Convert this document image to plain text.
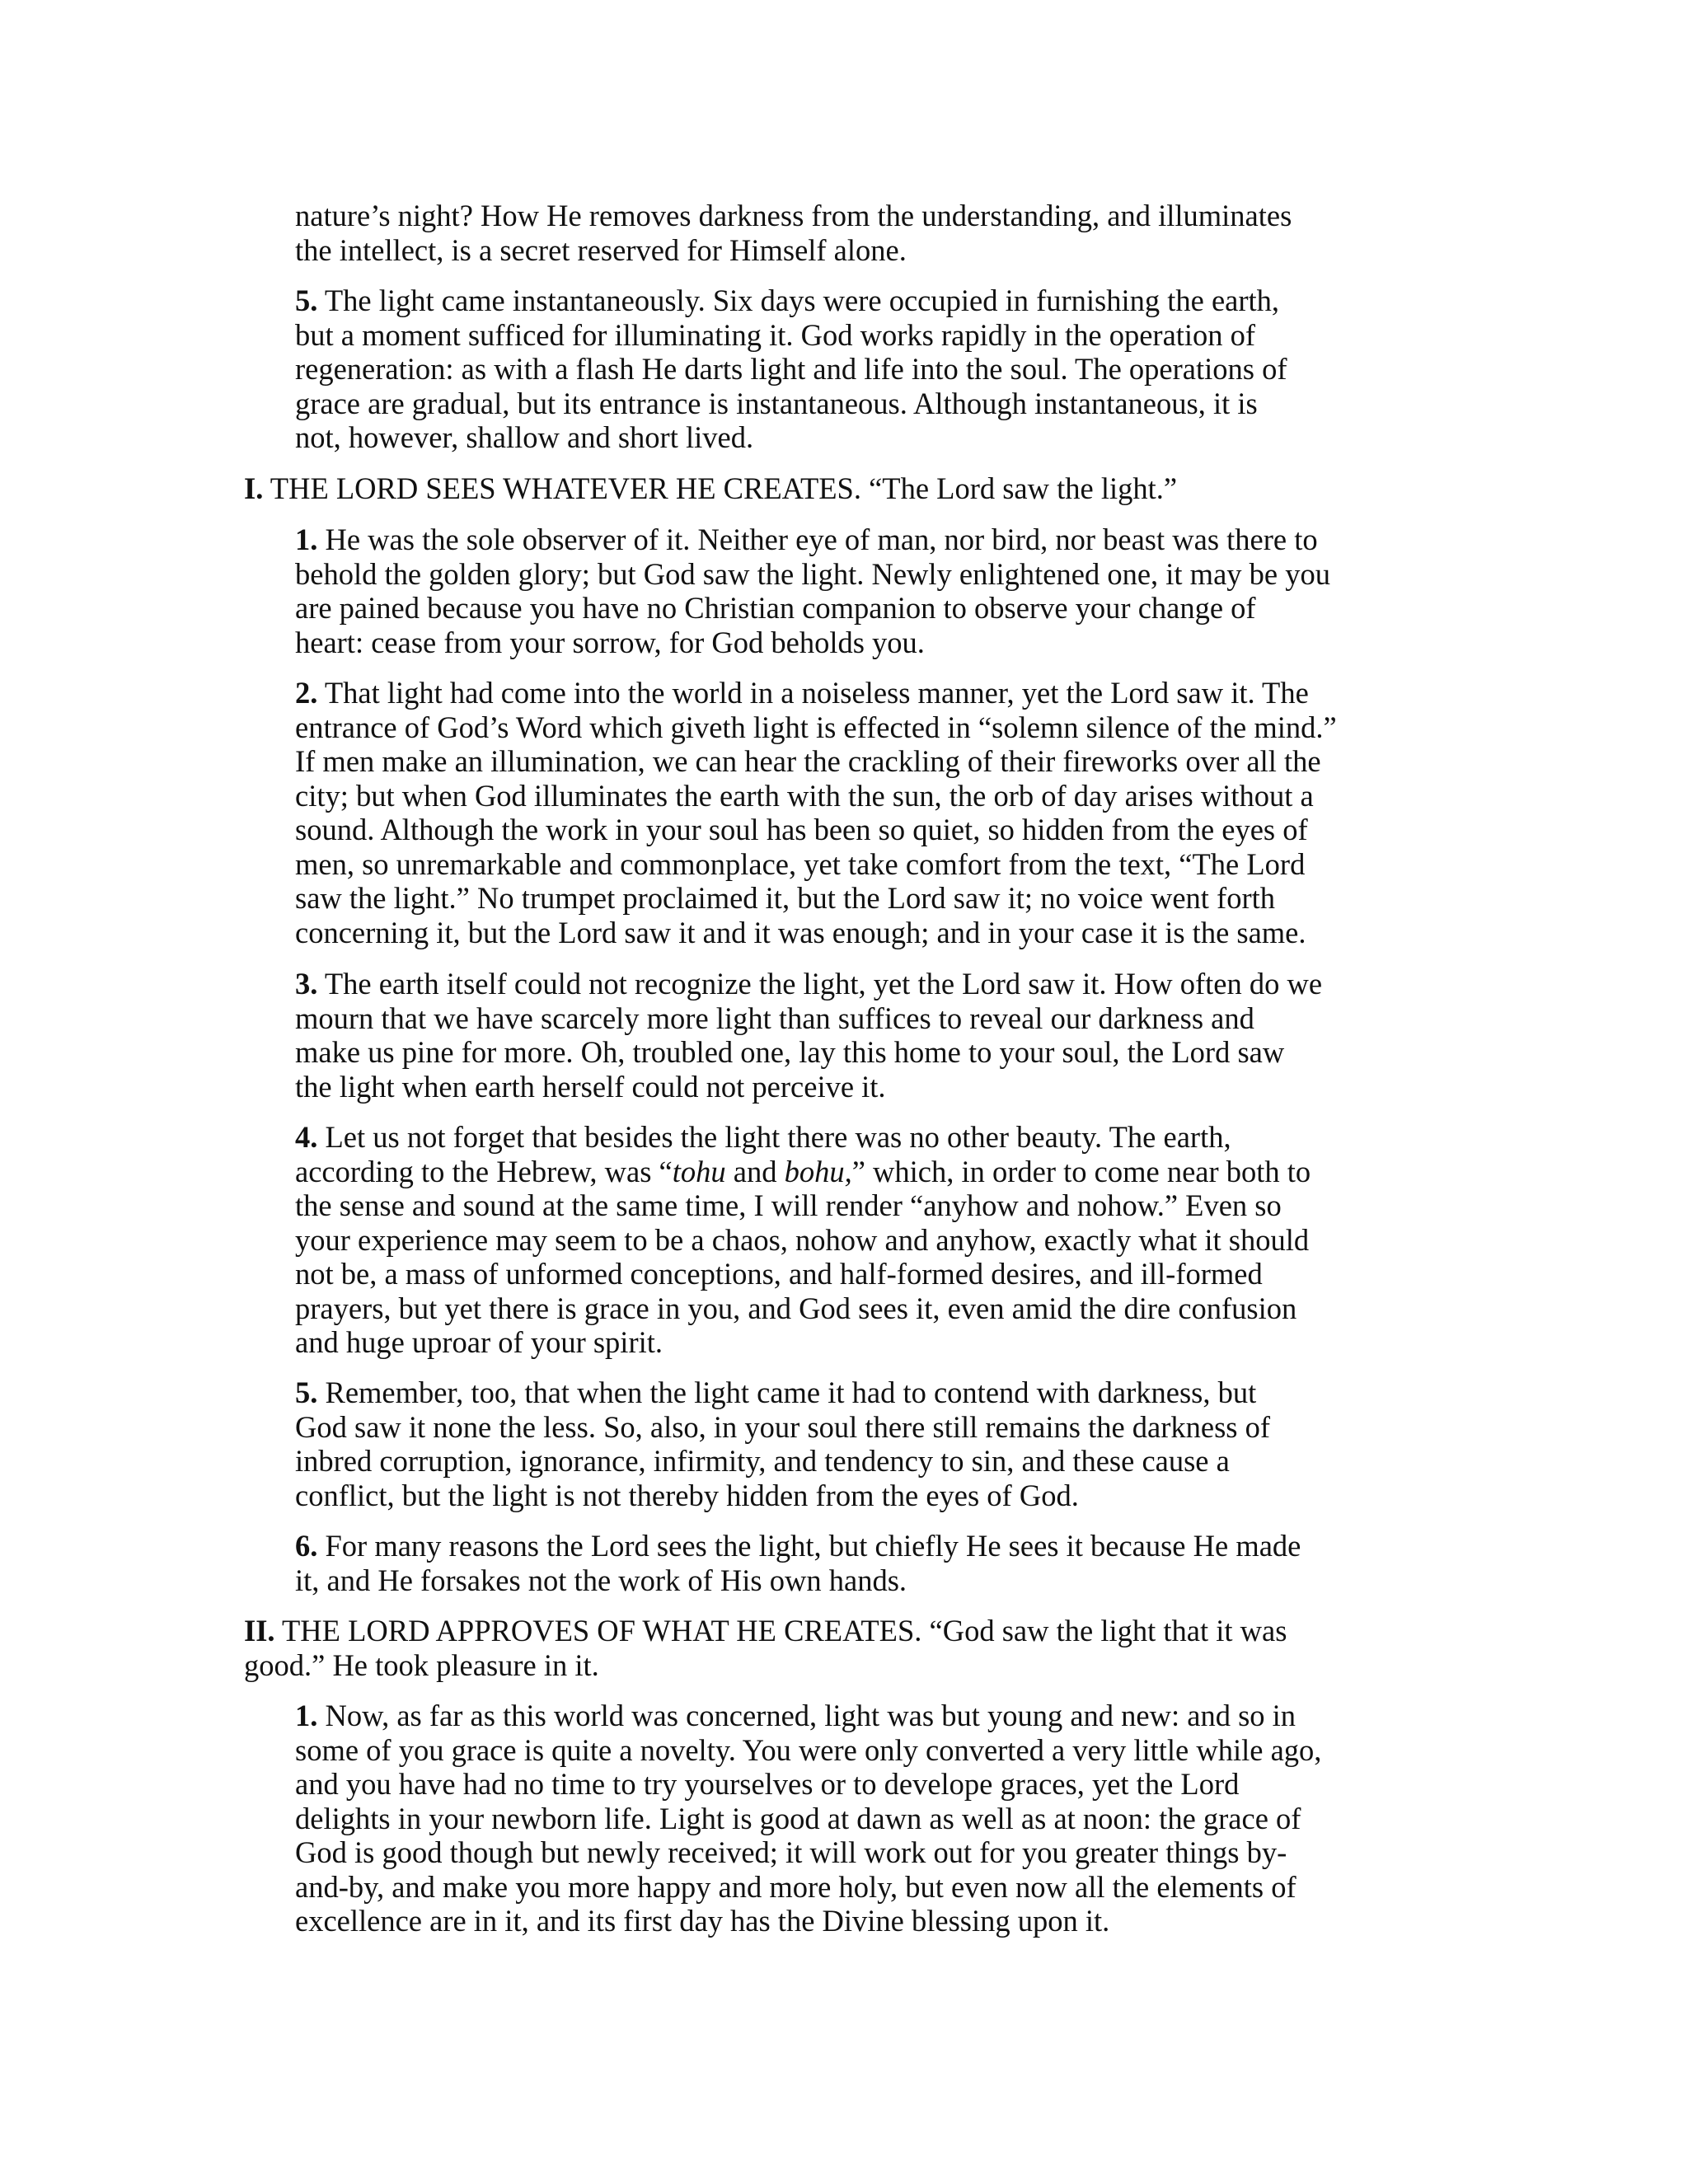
nature’s night? How He removes darkness from the understanding, and illuminates
the intellect, is a secret reserved for Himself alone.
5. The light came instantaneously. Six days were occupied in furnishing the earth,
but a moment sufficed for illuminating it. God works rapidly in the operation of
regeneration: as with a flash He darts light and life into the soul. The operations of
grace are gradual, but its entrance is instantaneous. Although instantaneous, it is
not, however, shallow and short lived.
I. THE LORD SEES WHATEVER HE CREATES. “The Lord saw the light.”
1. He was the sole observer of it. Neither eye of man, nor bird, nor beast was there to
behold the golden glory; but God saw the light. Newly enlightened one, it may be you
are pained because you have no Christian companion to observe your change of
heart: cease from your sorrow, for God beholds you.
2. That light had come into the world in a noiseless manner, yet the Lord saw it. The
entrance of God’s Word which giveth light is effected in “solemn silence of the mind.”
If men make an illumination, we can hear the crackling of their fireworks over all the
city; but when God illuminates the earth with the sun, the orb of day arises without a
sound. Although the work in your soul has been so quiet, so hidden from the eyes of
men, so unremarkable and commonplace, yet take comfort from the text, “The Lord
saw the light.” No trumpet proclaimed it, but the Lord saw it; no voice went forth
concerning it, but the Lord saw it and it was enough; and in your case it is the same.
3. The earth itself could not recognize the light, yet the Lord saw it. How often do we
mourn that we have scarcely more light than suffices to reveal our darkness and
make us pine for more. Oh, troubled one, lay this home to your soul, the Lord saw
the light when earth herself could not perceive it.
4. Let us not forget that besides the light there was no other beauty. The earth,
according to the Hebrew, was “tohu and bohu,” which, in order to come near both to
the sense and sound at the same time, I will render “anyhow and nohow.” Even so
your experience may seem to be a chaos, nohow and anyhow, exactly what it should
not be, a mass of unformed conceptions, and half-formed desires, and ill-formed
prayers, but yet there is grace in you, and God sees it, even amid the dire confusion
and huge uproar of your spirit.
5. Remember, too, that when the light came it had to contend with darkness, but
God saw it none the less. So, also, in your soul there still remains the darkness of
inbred corruption, ignorance, infirmity, and tendency to sin, and these cause a
conflict, but the light is not thereby hidden from the eyes of God.
6. For many reasons the Lord sees the light, but chiefly He sees it because He made
it, and He forsakes not the work of His own hands.
II. THE LORD APPROVES OF WHAT HE CREATES. “God saw the light that it was
good.” He took pleasure in it.
1. Now, as far as this world was concerned, light was but young and new: and so in
some of you grace is quite a novelty. You were only converted a very little while ago,
and you have had no time to try yourselves or to develope graces, yet the Lord
delights in your newborn life. Light is good at dawn as well as at noon: the grace of
God is good though but newly received; it will work out for you greater things by-
and-by, and make you more happy and more holy, but even now all the elements of
excellence are in it, and its first day has the Divine blessing upon it.
